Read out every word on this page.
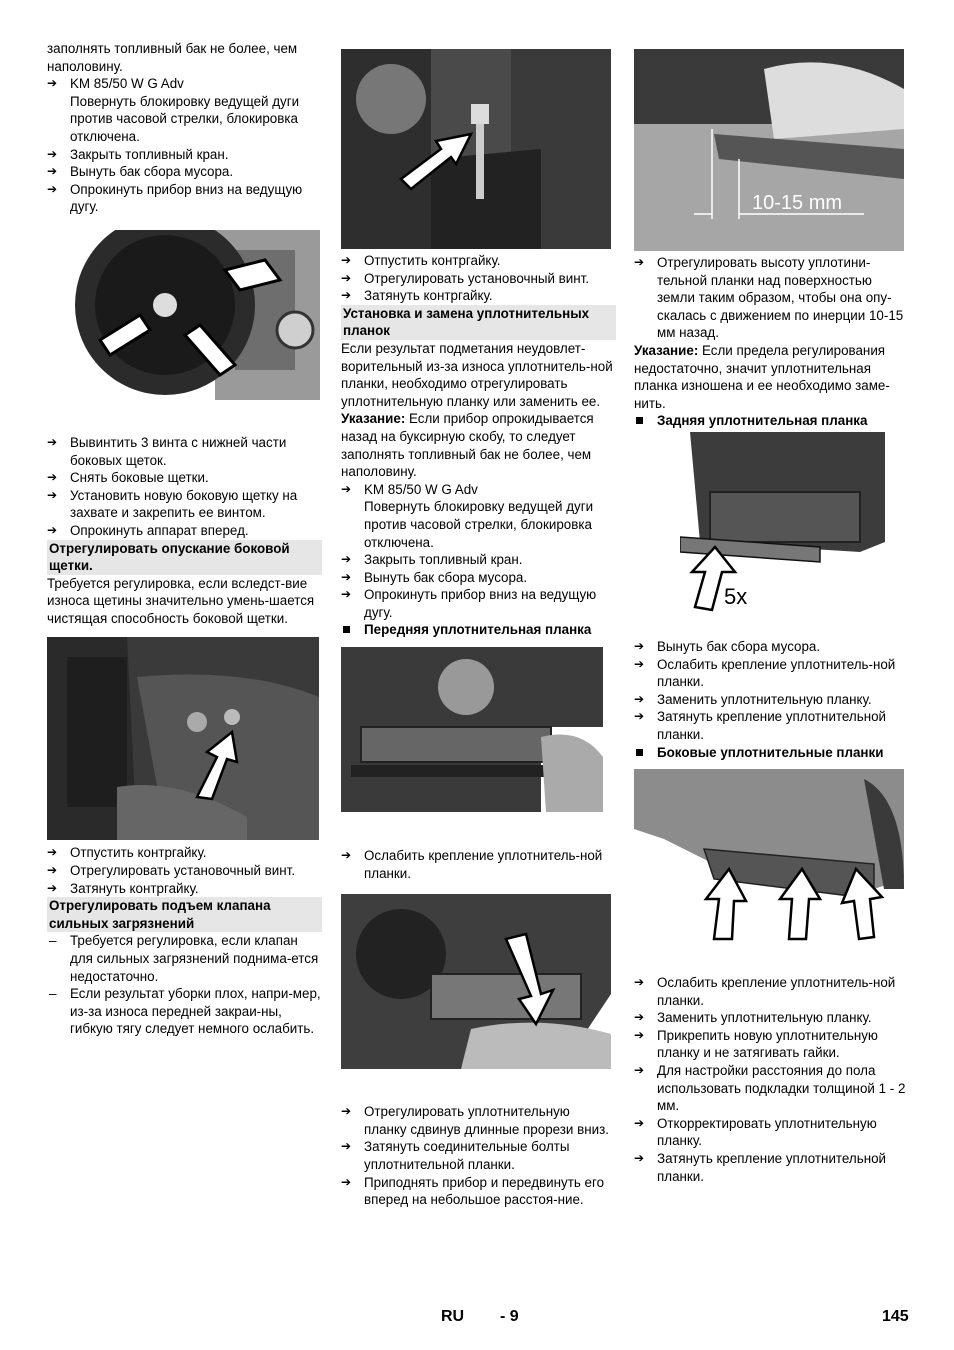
заполнять топливный бак не более, чем наполовину.

➔ KM 85/50 W G Adv

Повернуть блокировку ведущей дуги против часовой стрелки, блокировка отключена.

➔ Закрыть топливный кран.

➔ Вынуть бак сбора мусора.

➔ Опрокинуть прибор вниз на ведущую дугу.

➔ Вывинтить 3 винта с нижней части боковых щеток.

➔ Снять боковые щетки.

➔ Установить новую боковую щетку на захвате и закрепить ее винтом.

➔ Опрокинуть аппарат вперед.

Отрегулировать опускание боковой щетки.

Требуется регулировка, если вследст-вие износа щетины значительно умень-шается чистящая способность боковой щетки.

➔ Отпустить контргайку.

➔ Отрегулировать установочный винт.

➔ Затянуть контргайку.

Отрегулировать подъем клапана сильных загрязнений

– Требуется регулировка, если клапан для сильных загрязнений поднима-ется недостаточно.

– Если результат уборки плох, напри-мер, из-за износа передней закраи-ны, гибкую тягу следует немного ослабить.

➔ Отпустить контргайку.

➔ Отрегулировать установочный винт.

➔ Затянуть контргайку.

Установка и замена уплотнительных планок

Если результат подметания неудовлет-ворительный из-за износа уплотнитель-ной планки, необходимо отрегулировать уплотнительную планку или заменить ее.

Указание: Если прибор опрокидывается назад на буксирную скобу, то следует заполнять топливный бак не более, чем наполовину.

➔ KM 85/50 W G Adv

Повернуть блокировку ведущей дуги против часовой стрелки, блокировка отключена.

➔ Закрыть топливный кран.

➔ Вынуть бак сбора мусора.

➔ Опрокинуть прибор вниз на ведущую дугу.

Передняя уплотнительная планка

➔ Ослабить крепление уплотнитель-ной планки.

➔ Отрегулировать уплотнительную планку сдвинув длинные прорези вниз.

➔ Затянуть соединительные болты уплотнительной планки.

➔ Приподнять прибор и передвинуть его вперед на небольшое расстоя-ние.

10-15 mm

➔ Отрегулировать высоту уплотини-тельной планки над поверхностью земли таким образом, чтобы она опу-скалась с движением по инерции 10-15 мм назад.

Указание: Если предела регулирования недостаточно, значит уплотнительная планка изношена и ее необходимо заме-нить.

Задняя уплотнительная планка

5x

➔ Вынуть бак сбора мусора.

➔ Ослабить крепление уплотнитель-ной планки.

➔ Заменить уплотнительную планку.

➔ Затянуть крепление уплотнительной планки.

Боковые уплотнительные планки

➔ Ослабить крепление уплотнитель-ной планки.

➔ Заменить уплотнительную планку.

➔ Прикрепить новую уплотнительную планку и не затягивать гайки.

➔ Для настройки расстояния до пола использовать подкладки толщиной 1 - 2 мм.

➔ Откорректировать уплотнительную планку.

➔ Затянуть крепление уплотнительной планки.

RU - 9	145
